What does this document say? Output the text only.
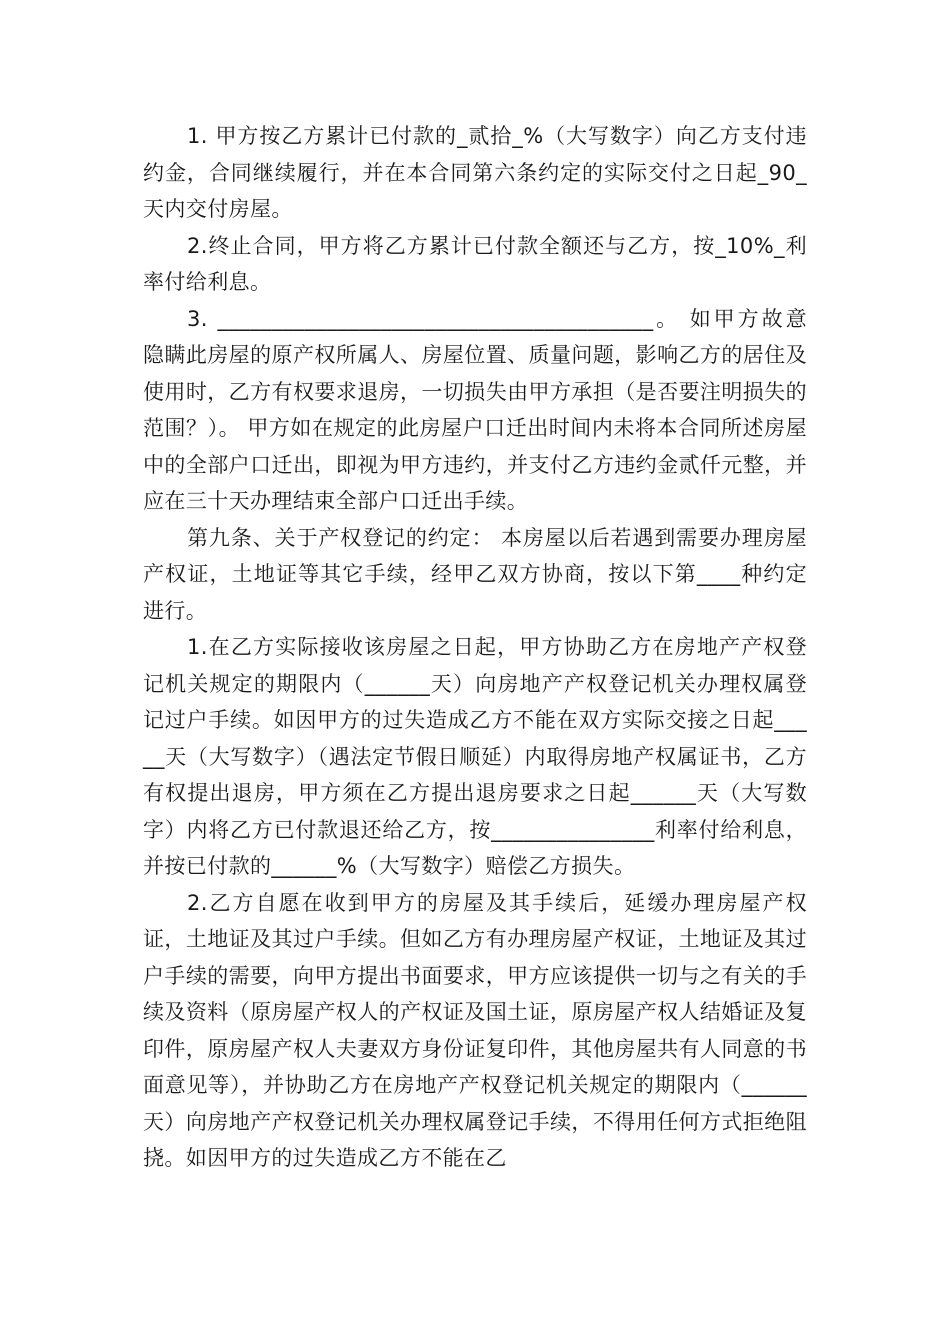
1. 甲方按乙方累计已付款的_贰拾_%（大写数字）向乙方支付违约金，合同继续履行，并在本合同第六条约定的实际交付之日起_90_天内交付房屋。

2.终止合同，甲方将乙方累计已付款全额还与乙方，按_10%_利率付给利息。

3. ________________________________________。 如甲方故意隐瞒此房屋的原产权所属人、房屋位置、质量问题，影响乙方的居住及使用时，乙方有权要求退房，一切损失由甲方承担（是否要注明损失的范围？）。 甲方如在规定的此房屋户口迁出时间内未将本合同所述房屋中的全部户口迁出，即视为甲方违约，并支付乙方违约金贰仟元整，并应在三十天办理结束全部户口迁出手续。

第九条、关于产权登记的约定： 本房屋以后若遇到需要办理房屋产权证，土地证等其它手续，经甲乙双方协商，按以下第____种约定进行。

1.在乙方实际接收该房屋之日起，甲方协助乙方在房地产产权登记机关规定的期限内（______天）向房地产产权登记机关办理权属登记过户手续。如因甲方的过失造成乙方不能在双方实际交接之日起_____天（大写数字）（遇法定节假日顺延）内取得房地产权属证书，乙方有权提出退房，甲方须在乙方提出退房要求之日起______天（大写数字）内将乙方已付款退还给乙方，按_______________利率付给利息，并按已付款的______%（大写数字）赔偿乙方损失。

2.乙方自愿在收到甲方的房屋及其手续后，延缓办理房屋产权证，土地证及其过户手续。但如乙方有办理房屋产权证，土地证及其过户手续的需要，向甲方提出书面要求，甲方应该提供一切与之有关的手续及资料（原房屋产权人的产权证及国土证，原房屋产权人结婚证及复印件，原房屋产权人夫妻双方身份证复印件，其他房屋共有人同意的书面意见等），并协助乙方在房地产产权登记机关规定的期限内（______天）向房地产产权登记机关办理权属登记手续，不得用任何方式拒绝阻挠。如因甲方的过失造成乙方不能在乙
